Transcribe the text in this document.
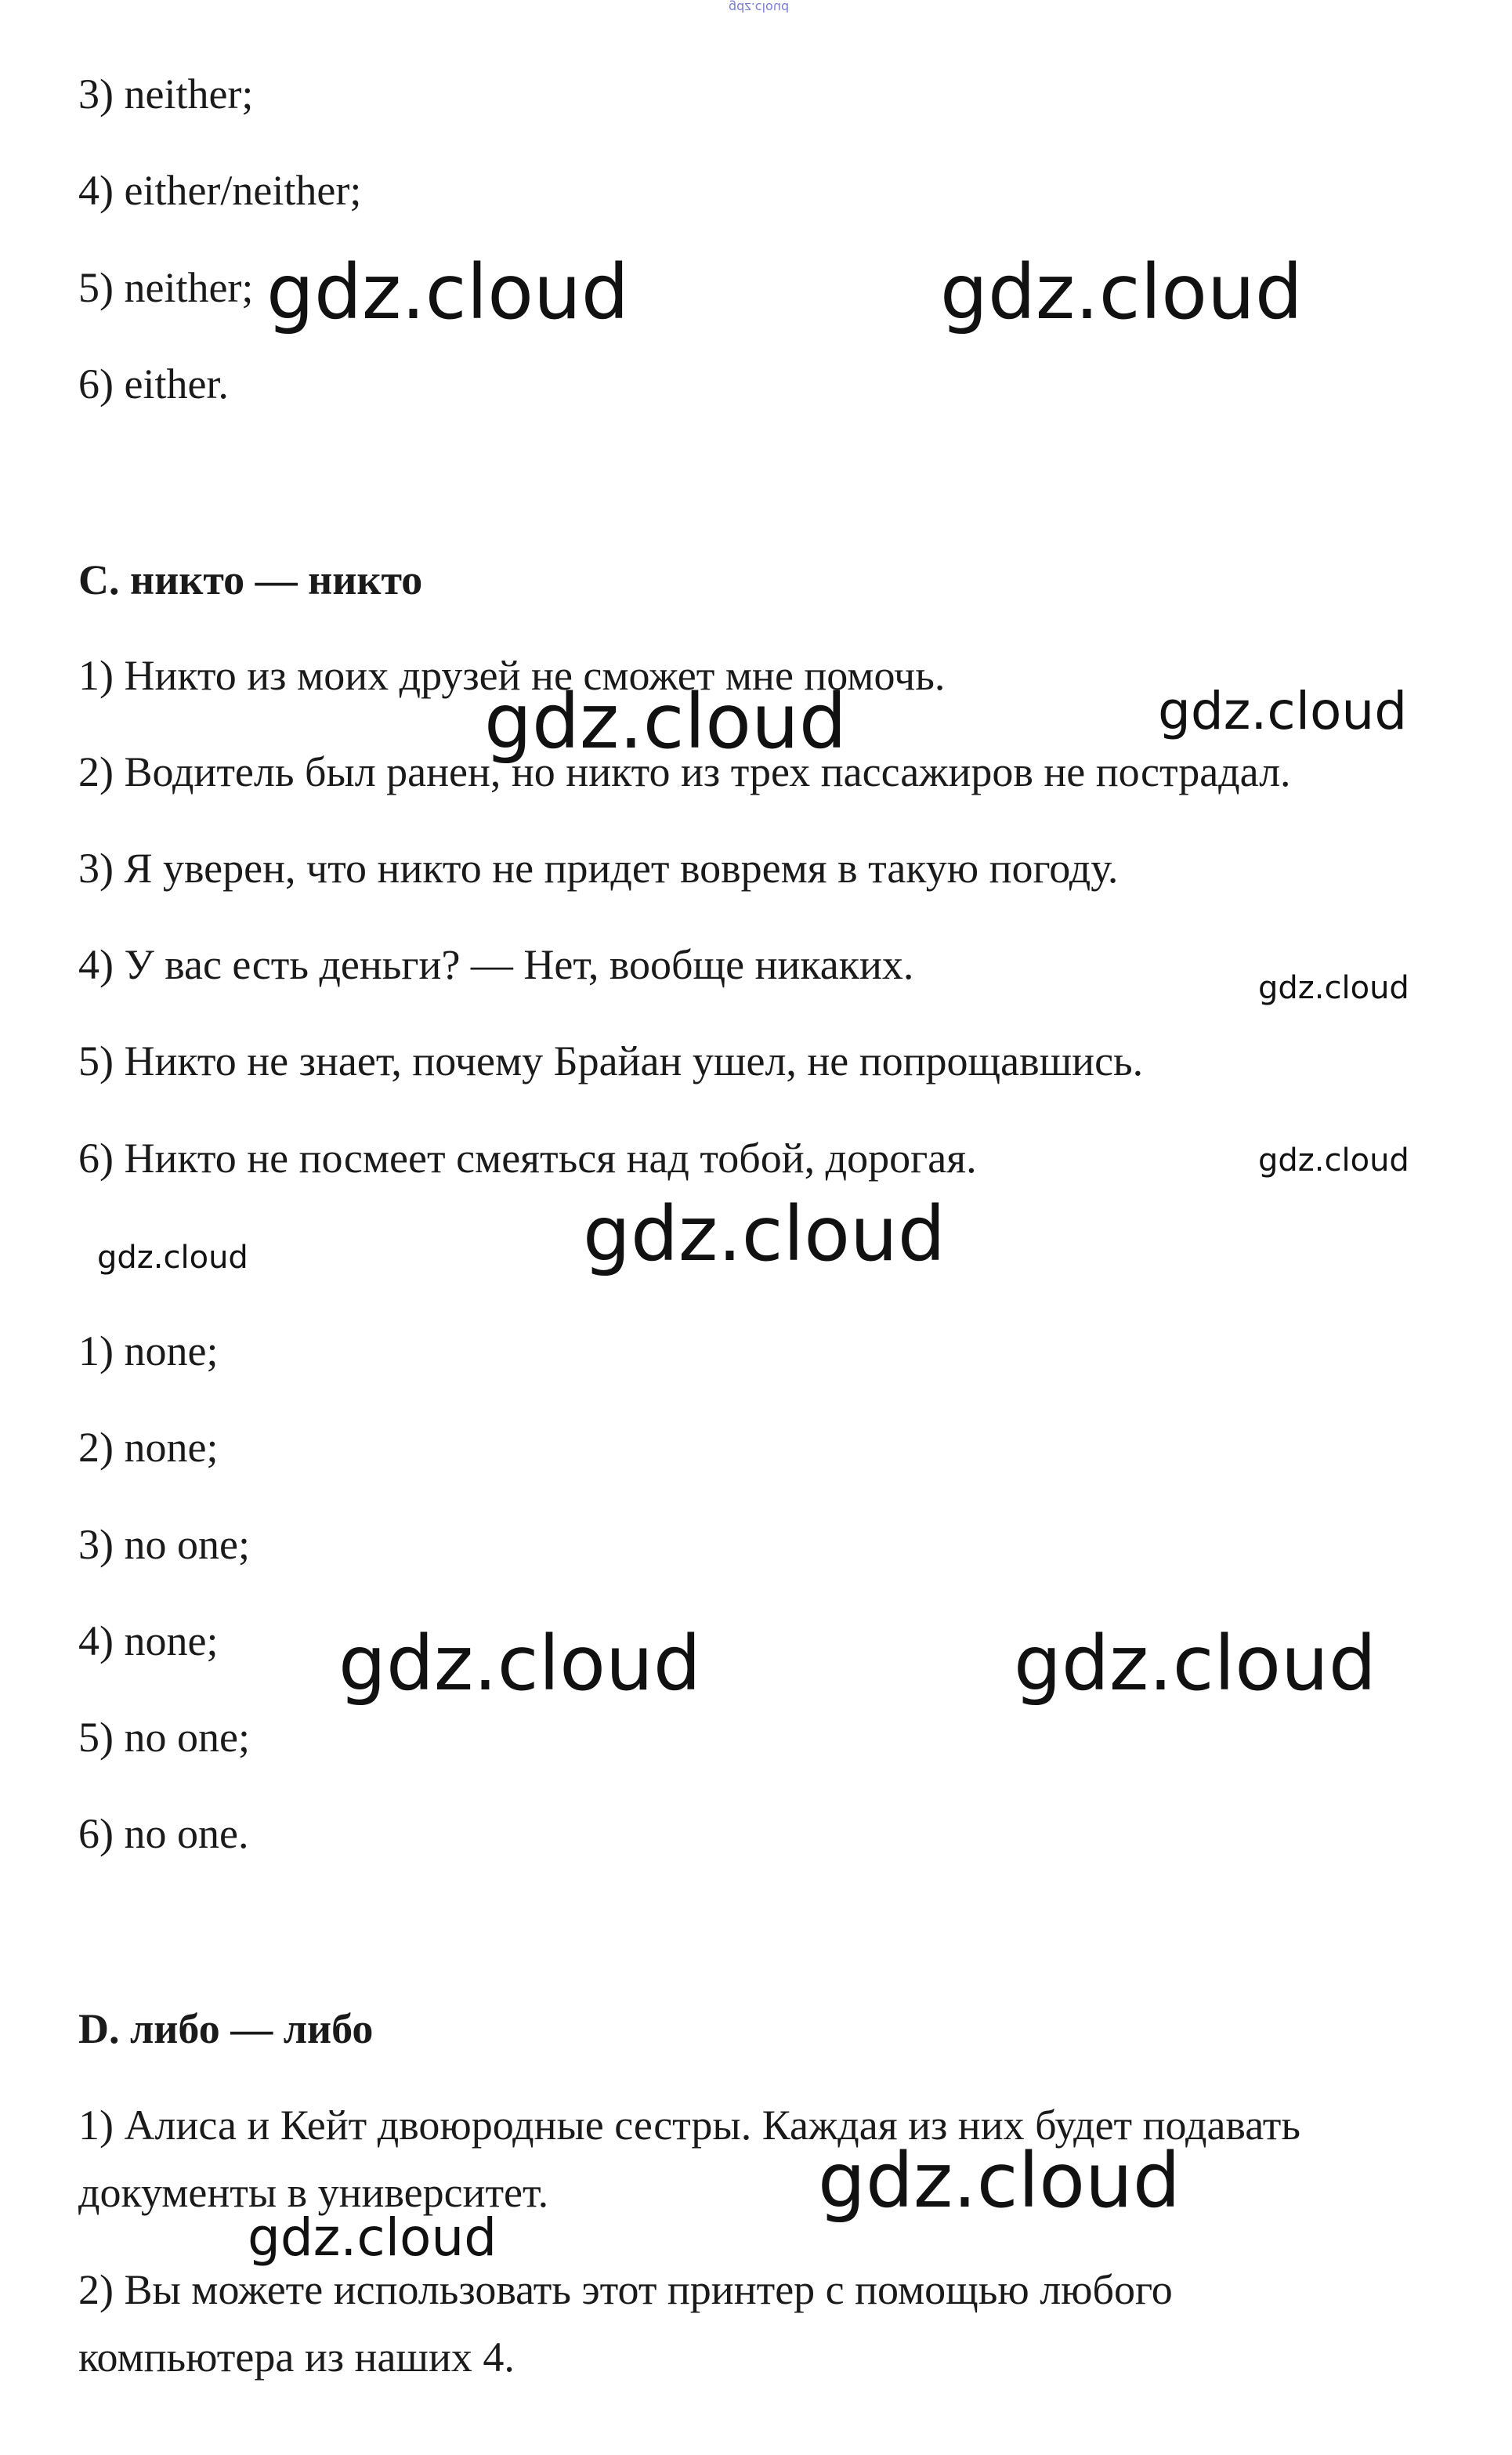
gdz.cloud
3) neither;
4) either/neither;
5) neither;
6) either.
C. никто — никто
1) Никто из моих друзей не сможет мне помочь.
2) Водитель был ранен, но никто из трех пассажиров не пострадал.
3) Я уверен, что никто не придет вовремя в такую погоду.
4) У вас есть деньги? — Нет, вообще никаких.
5) Никто не знает, почему Брайан ушел, не попрощавшись.
6) Никто не посмеет смеяться над тобой, дорогая.
1) none;
2) none;
3) no one;
4) none;
5) no one;
6) no one.
D. либо — либо
1) Алиса и Кейт двоюродные сестры. Каждая из них будет подавать
документы в университет.
2) Вы можете использовать этот принтер с помощью любого
компьютера из наших 4.
gdz.cloud	gdz.cloud
gdz.cloud	gdz.cloud
gdz.cloud
gdz.cloud
gdz.cloud
gdz.cloud
gdz.cloud	gdz.cloud
gdz.cloud
gdz.cloud
